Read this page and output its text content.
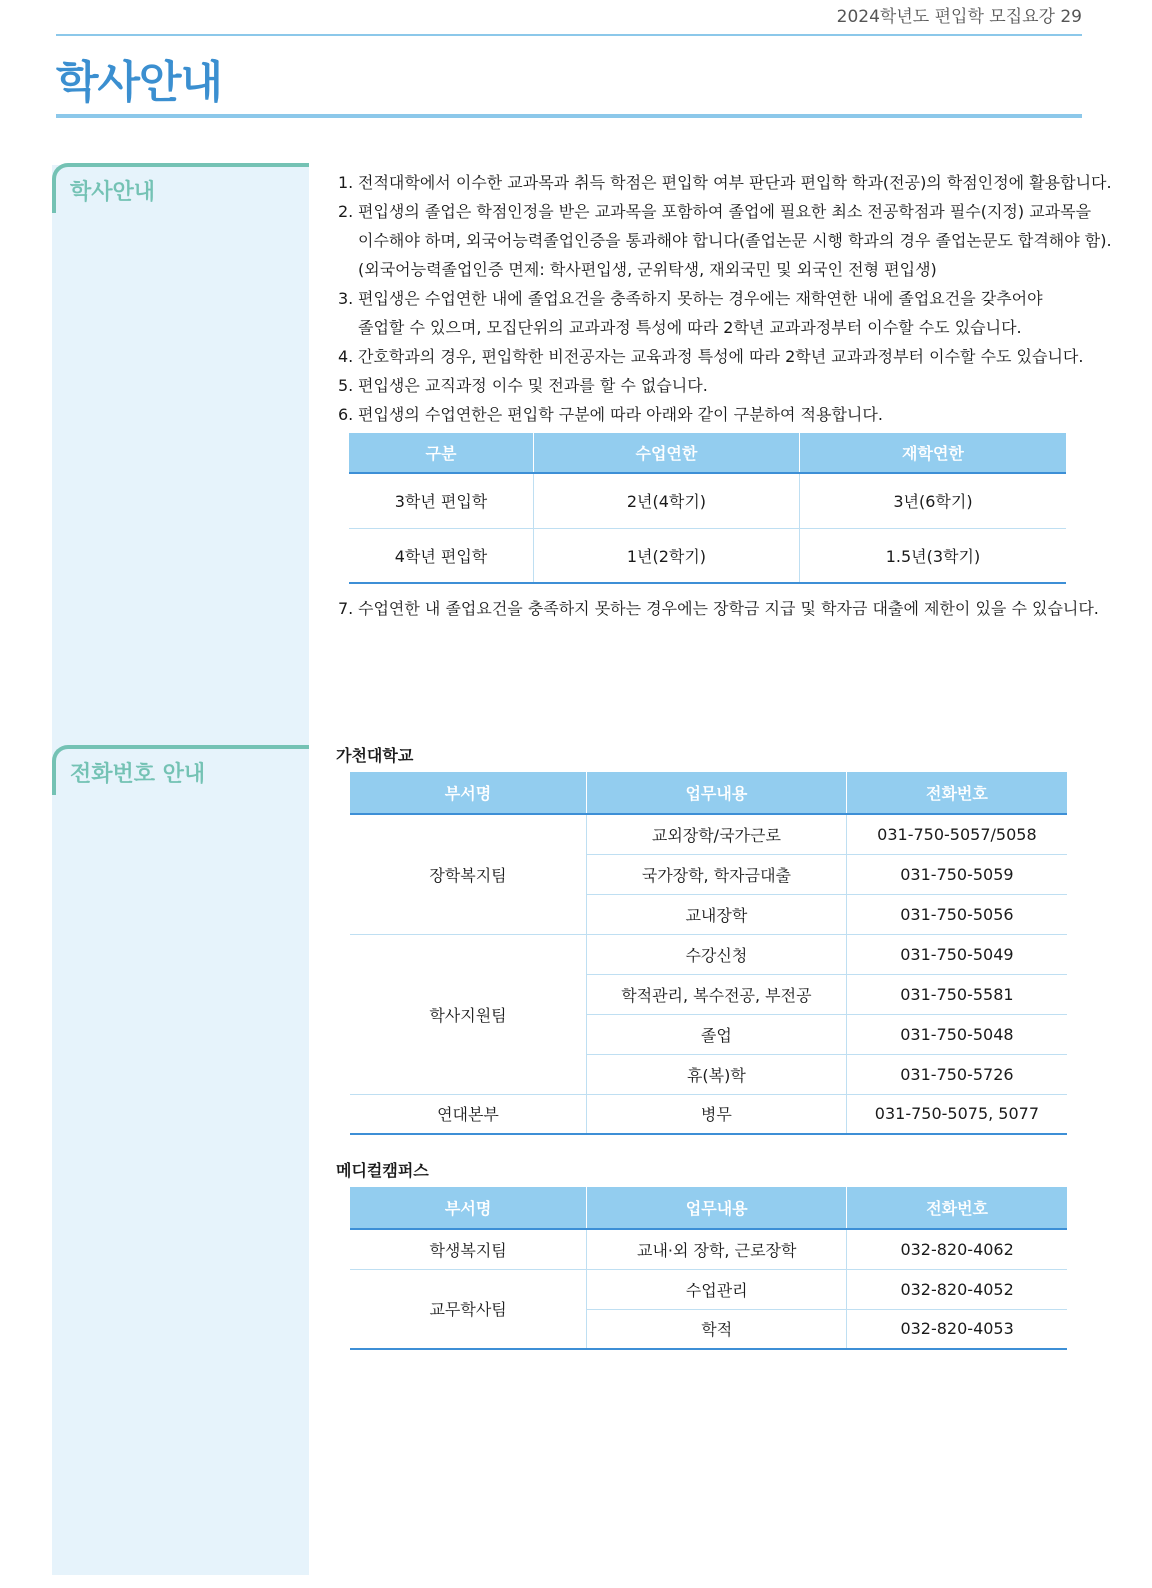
2024학년도 편입학 모집요강 29
학사안내
학사안내
전화번호 안내
1. 전적대학에서 이수한 교과목과 취득 학점은 편입학 여부 판단과 편입학 학과(전공)의 학점인정에 활용합니다.
2. 편입생의 졸업은 학점인정을 받은 교과목을 포함하여 졸업에 필요한 최소 전공학점과 필수(지정) 교과목을
이수해야 하며, 외국어능력졸업인증을 통과해야 합니다(졸업논문 시행 학과의 경우 졸업논문도 합격해야 함).
(외국어능력졸업인증 면제: 학사편입생, 군위탁생, 재외국민 및 외국인 전형 편입생)
3. 편입생은 수업연한 내에 졸업요건을 충족하지 못하는 경우에는 재학연한 내에 졸업요건을 갖추어야
졸업할 수 있으며, 모집단위의 교과과정 특성에 따라 2학년 교과과정부터 이수할 수도 있습니다.
4. 간호학과의 경우, 편입학한 비전공자는 교육과정 특성에 따라 2학년 교과과정부터 이수할 수도 있습니다.
5. 편입생은 교직과정 이수 및 전과를 할 수 없습니다.
6. 편입생의 수업연한은 편입학 구분에 따라 아래와 같이 구분하여 적용합니다.
구분	수업연한	재학연한
3학년 편입학	2년(4학기)	3년(6학기)
4학년 편입학	1년(2학기)	1.5년(3학기)
7. 수업연한 내 졸업요건을 충족하지 못하는 경우에는 장학금 지급 및 학자금 대출에 제한이 있을 수 있습니다.
가천대학교
부서명	업무내용	전화번호
장학복지팀	교외장학/국가근로	031-750-5057/5058
	국가장학, 학자금대출	031-750-5059
	교내장학	031-750-5056
학사지원팀	수강신청	031-750-5049
	학적관리, 복수전공, 부전공	031-750-5581
	졸업	031-750-5048
	휴(복)학	031-750-5726
연대본부	병무	031-750-5075, 5077
메디컬캠퍼스
부서명	업무내용	전화번호
학생복지팀	교내·외 장학, 근로장학	032-820-4062
교무학사팀	수업관리	032-820-4052
	학적	032-820-4053
